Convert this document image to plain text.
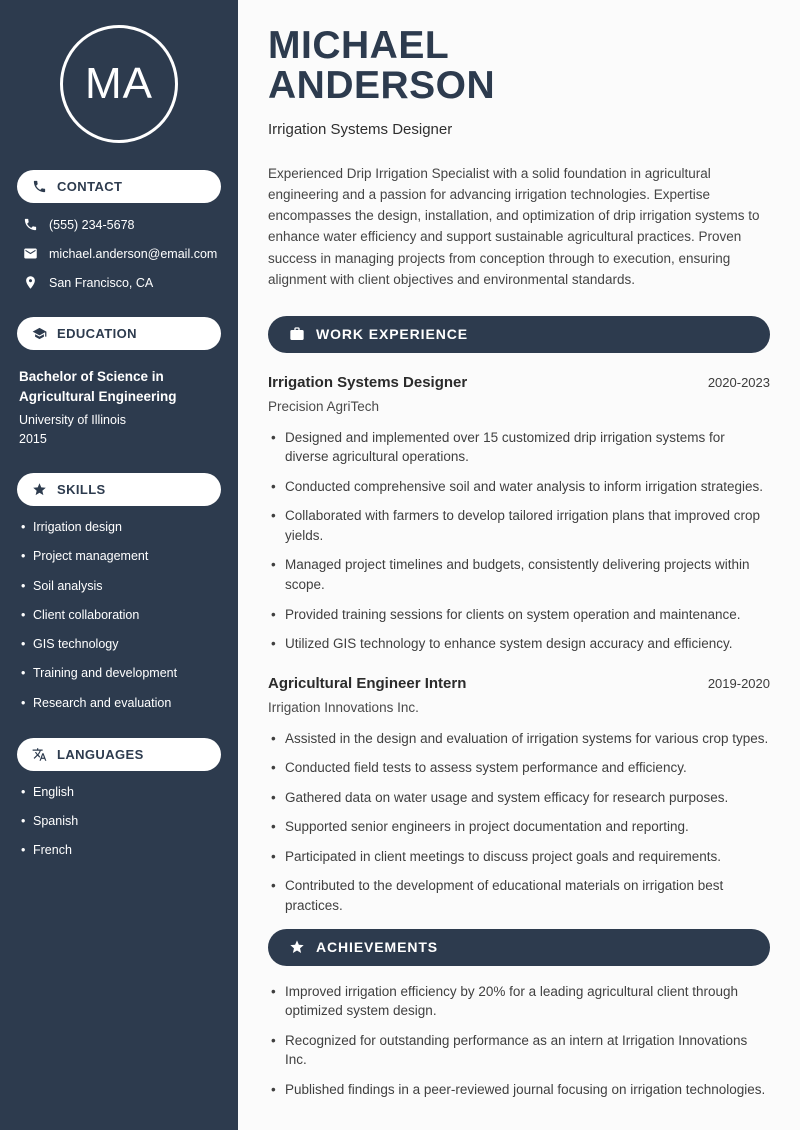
MA
CONTACT
(555) 234-5678
michael.anderson@email.com
San Francisco, CA
EDUCATION
Bachelor of Science in Agricultural Engineering
University of Illinois
2015
SKILLS
• Irrigation design
• Project management
• Soil analysis
• Client collaboration
• GIS technology
• Training and development
• Research and evaluation
LANGUAGES
• English
• Spanish
• French
MICHAEL
ANDERSON
Irrigation Systems Designer

Experienced Drip Irrigation Specialist with a solid foundation in agricultural engineering and a passion for advancing irrigation technologies. Expertise encompasses the design, installation, and optimization of drip irrigation systems to enhance water efficiency and support sustainable agricultural practices. Proven success in managing projects from conception through to execution, ensuring alignment with client objectives and environmental standards.

WORK EXPERIENCE
Irrigation Systems Designer	2020-2023
Precision AgriTech
• Designed and implemented over 15 customized drip irrigation systems for diverse agricultural operations.
• Conducted comprehensive soil and water analysis to inform irrigation strategies.
• Collaborated with farmers to develop tailored irrigation plans that improved crop yields.
• Managed project timelines and budgets, consistently delivering projects within scope.
• Provided training sessions for clients on system operation and maintenance.
• Utilized GIS technology to enhance system design accuracy and efficiency.
Agricultural Engineer Intern	2019-2020
Irrigation Innovations Inc.
• Assisted in the design and evaluation of irrigation systems for various crop types.
• Conducted field tests to assess system performance and efficiency.
• Gathered data on water usage and system efficacy for research purposes.
• Supported senior engineers in project documentation and reporting.
• Participated in client meetings to discuss project goals and requirements.
• Contributed to the development of educational materials on irrigation best practices.
ACHIEVEMENTS
• Improved irrigation efficiency by 20% for a leading agricultural client through optimized system design.
• Recognized for outstanding performance as an intern at Irrigation Innovations Inc.
• Published findings in a peer-reviewed journal focusing on irrigation technologies.
